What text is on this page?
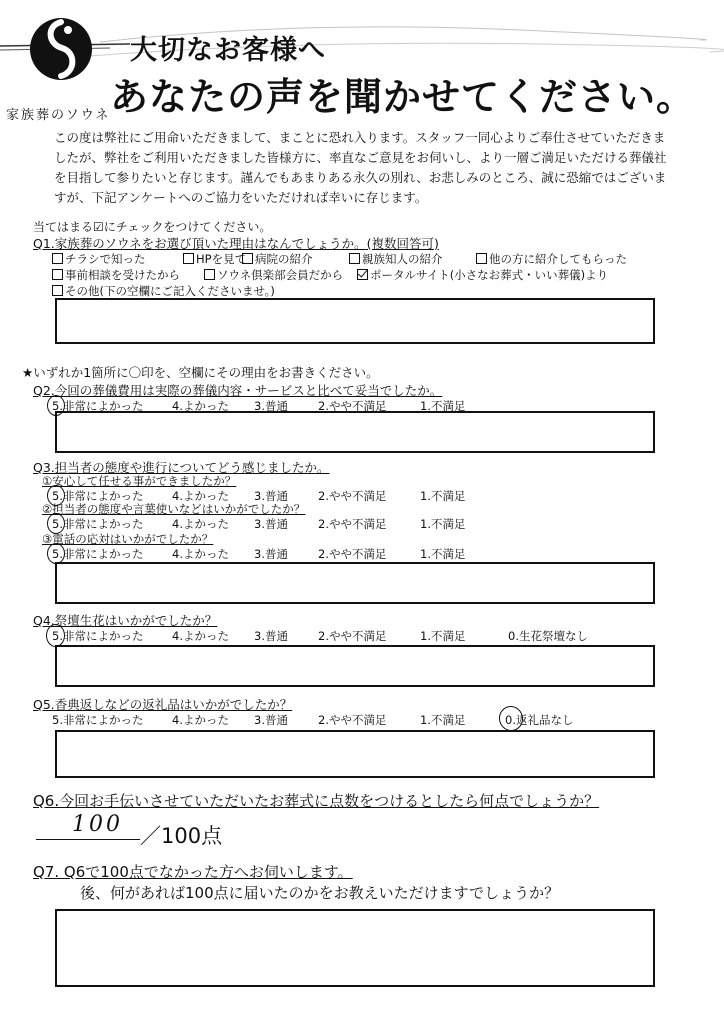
家族葬のソウネ
大切なお客様へ
あなたの声を聞かせてください。
この度は弊社にご用命いただきまして、まことに恐れ入ります。スタッフ一同心よりご奉仕させていただきましたが、弊社をご利用いただきました皆様方に、率直なご意見をお伺いし、より一層ご満足いただける葬儀社を目指して参りたいと存じます。謹んでもあまりある永久の別れ、お悲しみのところ、誠に恐縮ではございますが、下記アンケートへのご協力をいただければ幸いに存じます。
当てはまる☑にチェックをつけてください。
Q1.家族葬のソウネをお選び頂いた理由はなんでしょうか。(複数回答可)
チラシで知った	HPを見て 病院の紹介	親族知人の紹介	他の方に紹介してもらった
事前相談を受けたから	ソウネ倶楽部会員だから	ポータルサイト(小さなお葬式・いい葬儀)より
その他(下の空欄にご記入くださいませ。)
★いずれか1箇所に〇印を、空欄にその理由をお書きください。
Q2.今回の葬儀費用は実際の葬儀内容・サービスと比べて妥当でしたか。
5.非常によかった 4.よかった 3.普通	2.やや不満足	1.不満足
Q3.担当者の態度や進行についてどう感じましたか。
①安心して任せる事ができましたか？
5.非常によかった 4.よかった 3.普通	2.やや不満足	1.不満足
②担当者の態度や言葉使いなどはいかがでしたか？
5.非常によかった 4.よかった 3.普通	2.やや不満足	1.不満足
③電話の応対はいかがでしたか？
5.非常によかった 4.よかった 3.普通	2.やや不満足	1.不満足
Q4.祭壇生花はいかがでしたか？
5.非常によかった 4.よかった 3.普通	2.やや不満足	1.不満足	0.生花祭壇なし
Q5.香典返しなどの返礼品はいかがでしたか？
5.非常によかった 4.よかった 3.普通	2.やや不満足	1.不満足	0.返礼品なし
Q6.今回お手伝いさせていただいたお葬式に点数をつけるとしたら何点でしょうか？
100 ／100点
Q7. Q6で100点でなかった方へお伺いします。
後、何があれば100点に届いたのかをお教えいただけますでしょうか？
